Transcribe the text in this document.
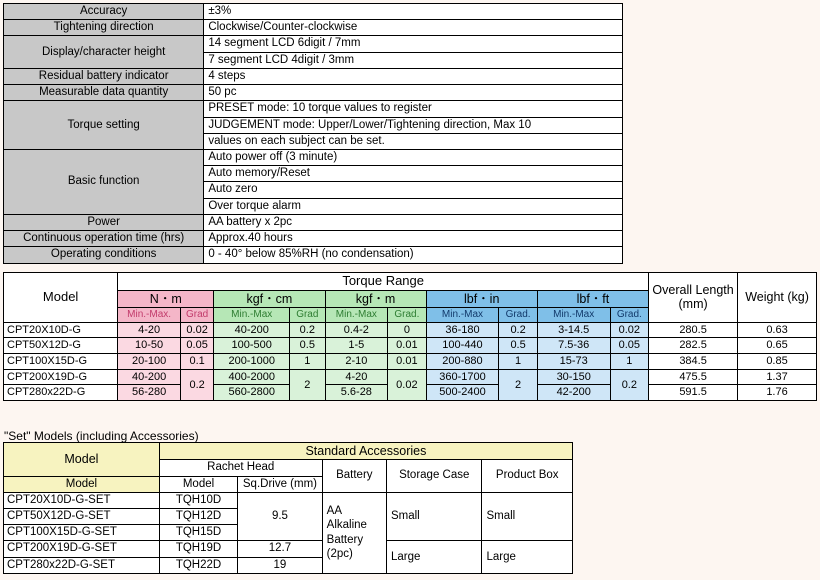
Accuracy	±3%
Tightening direction	Clockwise/Counter-clockwise
Display/character height	14 segment LCD 6digit / 7mm
	7 segment LCD 4digit / 3mm
Residual battery indicator	4 steps
Measurable data quantity	50 pc
Torque setting	PRESET mode: 10 torque values to register
	JUDGEMENT mode: Upper/Lower/Tightening direction, Max 10
	values on each subject can be set.
Basic function	Auto power off (3 minute)
	Auto memory/Reset
	Auto zero
	Over torque alarm
Power	AA battery x 2pc
Continuous operation time (hrs)	Approx.40 hours
Operating conditions	0 - 40° below 85%RH (no condensation)
Model	Torque Range										Overall Length (mm)	Weight (kg)
	N・m		kgf・cm		kgf・m		lbf・in		lbf・ft			
	Min.-Max.	Grad	Min.-Max	Grad	Min.-Max	Grad.	Min.-Max	Grad.	Min.-Max	Grad.		
CPT20X10D-G	4-20	0.02	40-200	0.2	0.4-2	0	36-180	0.2	3-14.5	0.02	280.5	0.63
CPT50X12D-G	10-50	0.05	100-500	0.5	1-5	0.01	100-440	0.5	7.5-36	0.05	282.5	0.65
CPT100X15D-G	20-100	0.1	200-1000	1	2-10	0.01	200-880	1	15-73	1	384.5	0.85
CPT200X19D-G	40-200	0.2	400-2000	2	4-20	0.02	360-1700	2	30-150	0.2	475.5	1.37
CPT280x22D-G	56-280		560-2800		5.6-28		500-2400		42-200		591.5	1.76
"Set" Models (including Accessories)
Model	Standard Accessories				
	Rachet Head		Battery	Storage Case	Product Box
Model	Model	Sq.Drive (mm)			
CPT20X10D-G-SET	TQH10D	9.5	AA Alkaline Battery (2pc)	Small	Small
CPT50X12D-G-SET	TQH12D				
CPT100X15D-G-SET	TQH15D				
CPT200X19D-G-SET	TQH19D	12.7		Large	Large
CPT280x22D-G-SET	TQH22D	19			
